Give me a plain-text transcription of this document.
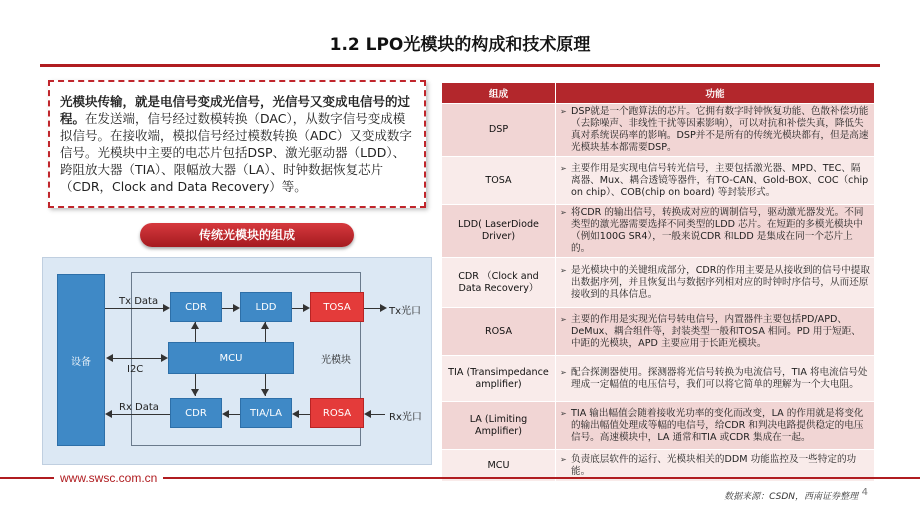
1.2 LPO光模块的构成和技术原理
光模块传输，就是电信号变成光信号，光信号又变成电信号的过程。在发送端，信号经过数模转换（DAC），从数字信号变成模拟信号。在接收端，模拟信号经过模数转换（ADC）又变成数字信号。光模块中主要的电芯片包括DSP、激光驱动器（LDD）、跨阻放大器（TIA）、限幅放大器（LA）、时钟数据恢复芯片（CDR，Clock and Data Recovery）等。
传统光模块的组成
设备	光模块
Tx Data
CDR	LDD	TOSA	Tx光口
MCU
I2C
Rx Data
CDR	TIA/LA	ROSA	Rx光口
组成	功能
DSP	➢ DSP就是一个跑算法的芯片。它拥有数字时钟恢复功能、色散补偿功能（去除噪声、非线性干扰等因素影响），可以对抗和补偿失真，降低失真对系统误码率的影响。DSP并不是所有的传统光模块都有，但是高速光模块基本都需要DSP。

TOSA	➢ 主要作用是实现电信号转光信号，主要包括激光器、MPD、TEC、隔离器、Mux、耦合透镜等器件，有TO-CAN、Gold-BOX、COC（chip on chip）、COB(chip on board) 等封装形式。

LDD( LaserDiode Driver)	➢ 将CDR 的输出信号，转换成对应的调制信号，驱动激光器发光。不同类型的激光器需要选择不同类型的LDD 芯片。在短距的多模光模块中（例如100G SR4），一般来说CDR 和LDD 是集成在同一个芯片上的。

CDR （Clock and Data Recovery）	➢ 是光模块中的关键组成部分，CDR的作用主要是从接收到的信号中提取出数据序列，并且恢复出与数据序列相对应的时钟时序信号，从而还原接收到的具体信息。

ROSA	➢ 主要的作用是实现光信号转电信号，内置器件主要包括PD/APD、DeMux、耦合组件等，封装类型一般和TOSA 相同。PD 用于短距、中距的光模块，APD 主要应用于长距光模块。

TIA (Transimpedance amplifier)	➢ 配合探测器使用。探测器将光信号转换为电流信号，TIA 将电流信号处理成一定幅值的电压信号，我们可以将它简单的理解为一个大电阻。

LA (Limiting Amplifier)	➢ TIA 输出幅值会随着接收光功率的变化而改变，LA 的作用就是将变化的输出幅值处理成等幅的电信号，给CDR 和判决电路提供稳定的电压信号。高速模块中，LA 通常和TIA 或CDR 集成在一起。

MCU	➢ 负责底层软件的运行、光模块相关的DDM 功能监控及一些特定的功能。
www.swsc.com.cn
数据来源：CSDN，西南证券整理 4
